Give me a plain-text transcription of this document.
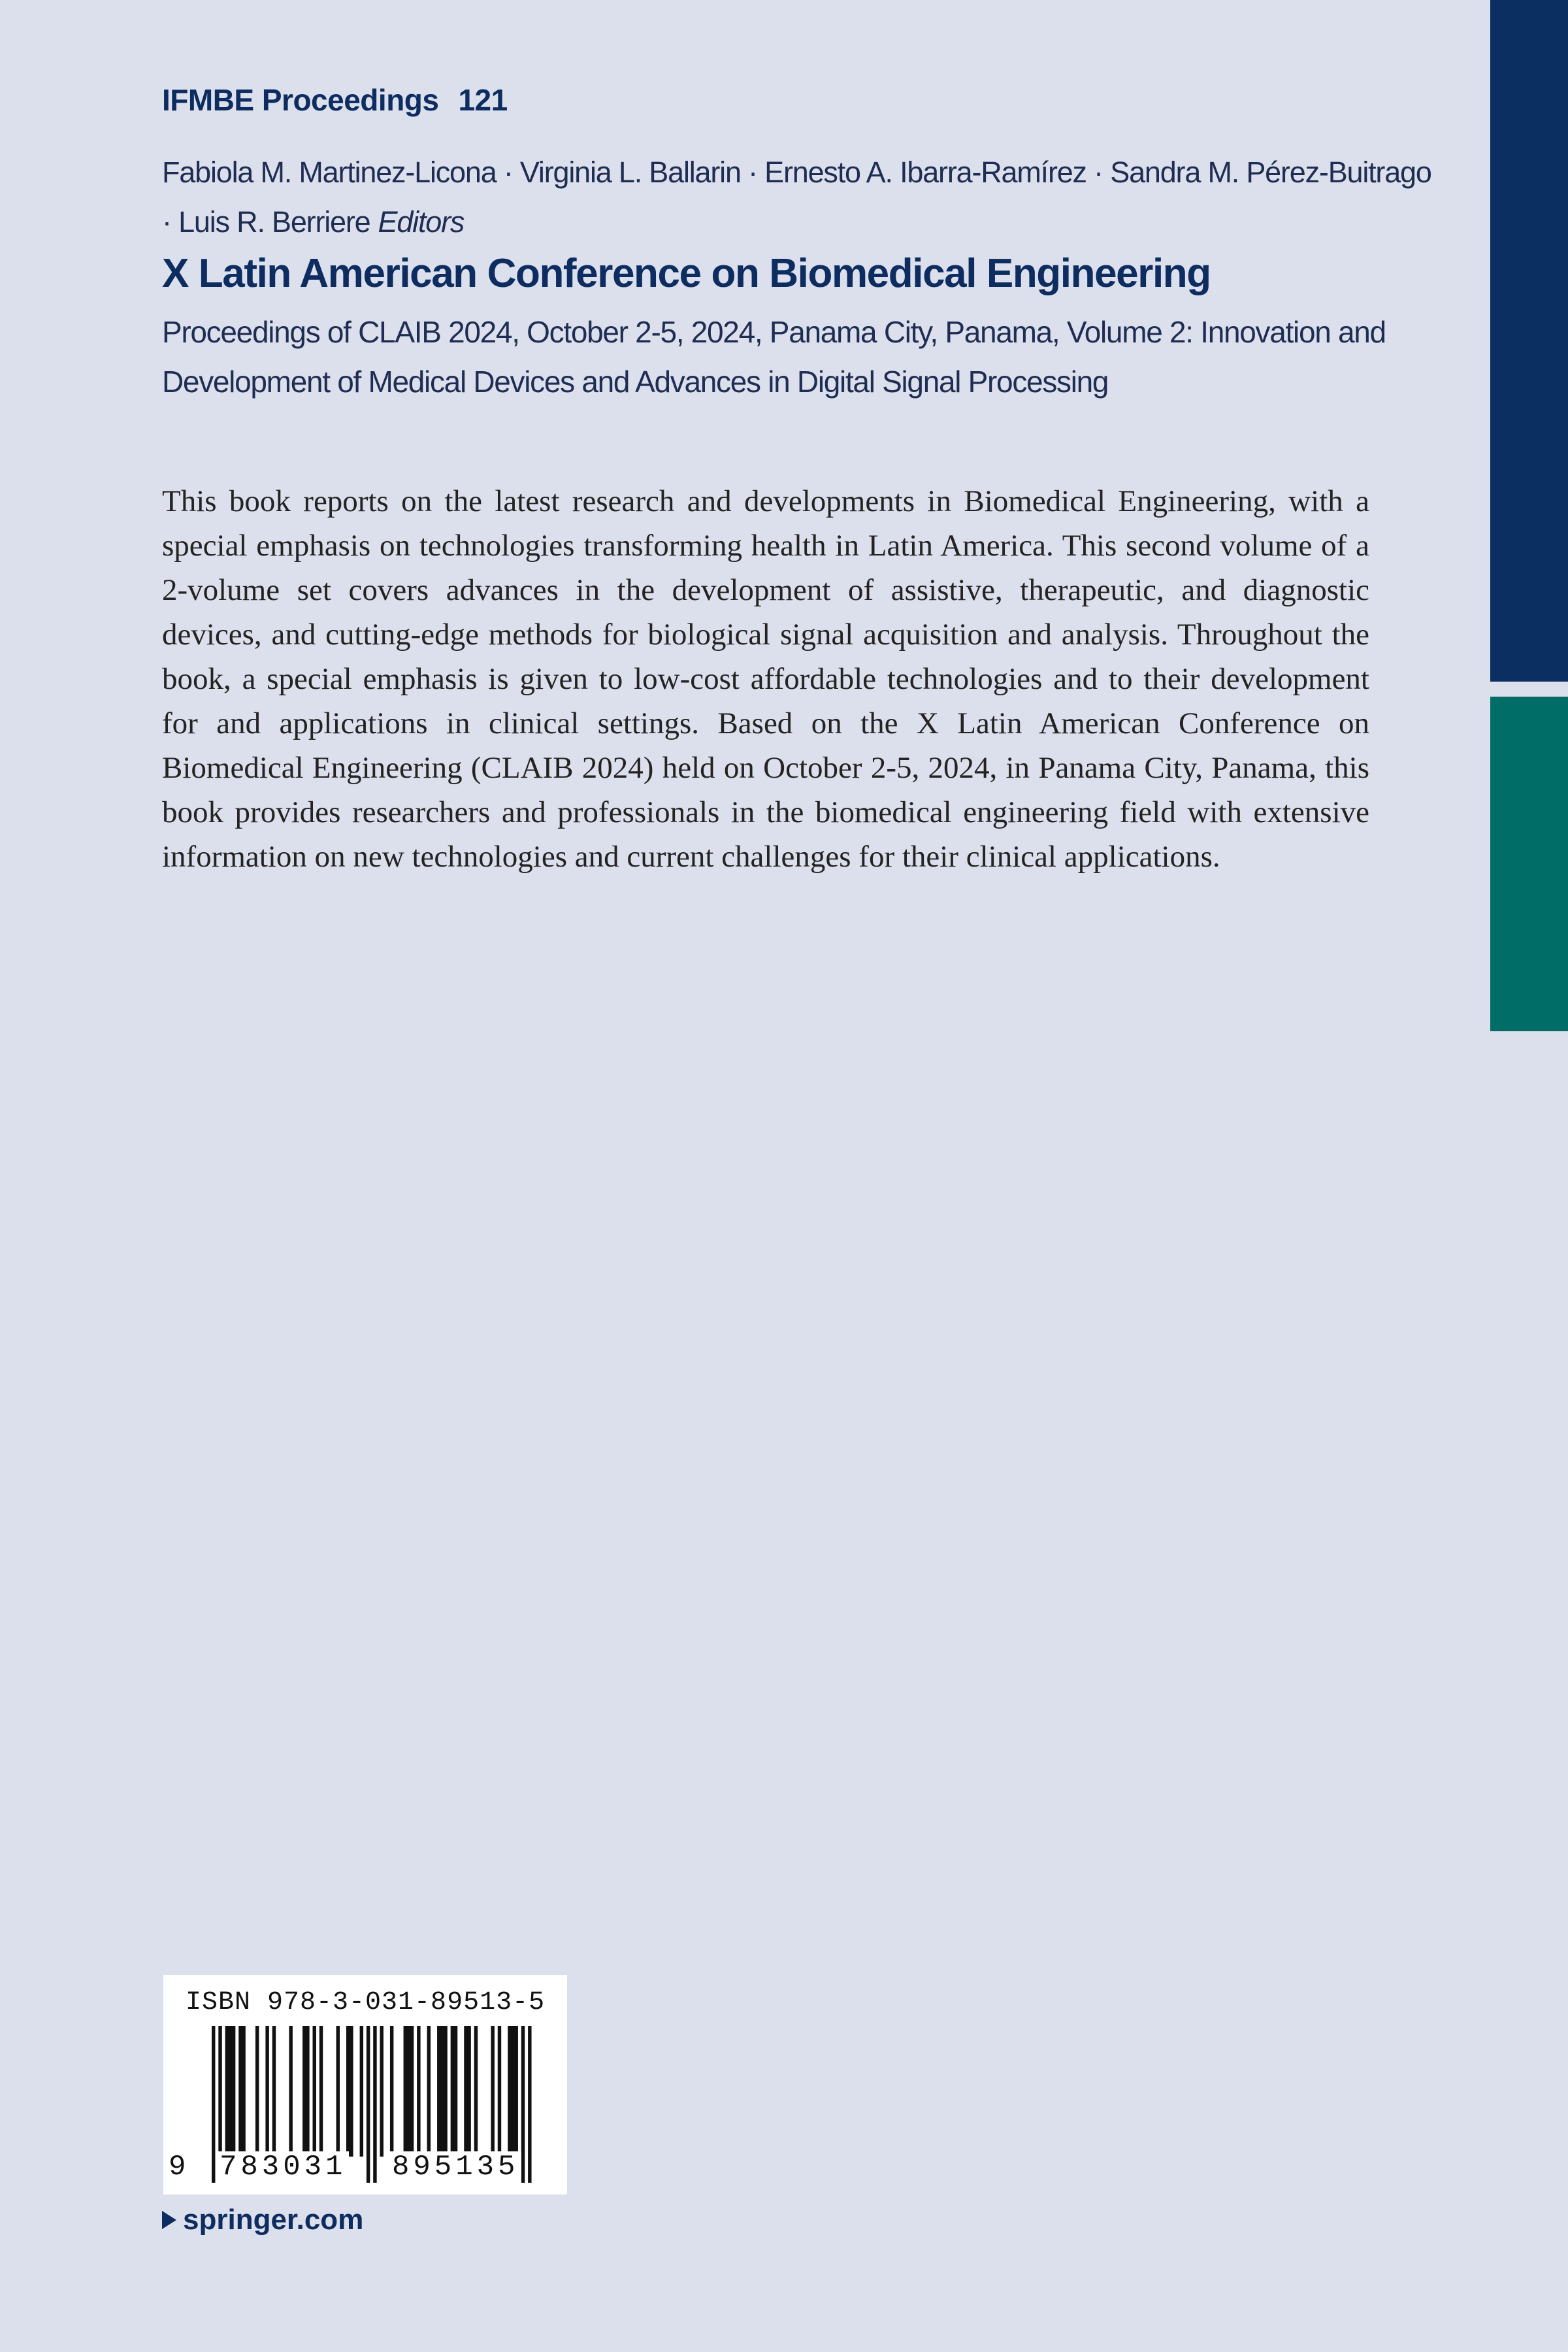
IFMBE Proceedings 121
Fabiola M. Martinez-Licona · Virginia L. Ballarin · Ernesto A. Ibarra-Ramírez · Sandra M. Pérez-Buitrago · Luis R. Berriere Editors
X Latin American Conference on Biomedical Engineering
Proceedings of CLAIB 2024, October 2-5, 2024, Panama City, Panama, Volume 2: Innovation and Development of Medical Devices and Advances in Digital Signal Processing
This book reports on the latest research and developments in Biomedical Engineering, with a special emphasis on technologies transforming health in Latin America. This second volume of a 2-volume set covers advances in the development of assistive, therapeutic, and diagnostic devices, and cutting-edge methods for biological signal acquisition and analysis. Throughout the book, a special emphasis is given to low-cost affordable technologies and to their development for and applications in clinical settings. Based on the X Latin American Conference on Biomedical Engineering (CLAIB 2024) held on October 2-5, 2024, in Panama City, Panama, this book provides researchers and professionals in the biomedical engineering field with extensive information on new technologies and current challenges for their clinical applications.
ISBN 978-3-031-89513-5
9 783031 895135
springer.com
